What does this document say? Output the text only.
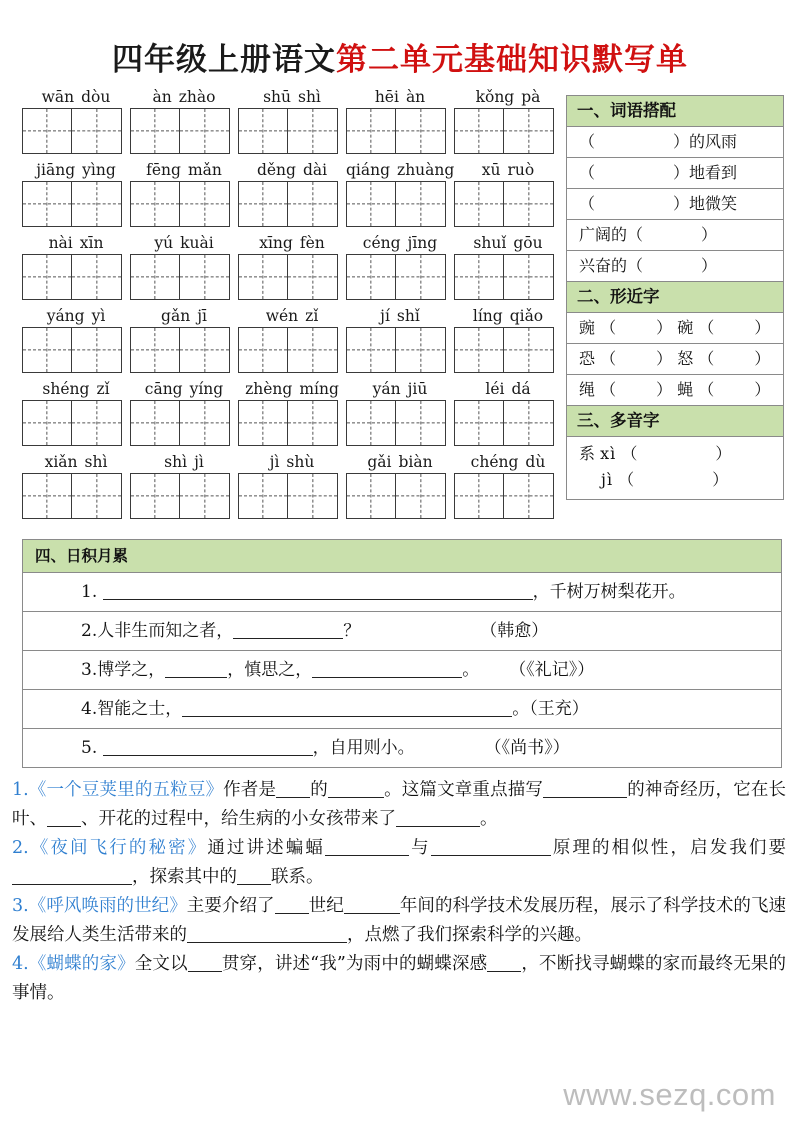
四年级上册语文第二单元基础知识默写单
wān dòu	àn zhào	shū shì	hēi àn	kǒng pà
jiāng yìng	fēng mǎn	děng dài	qiáng zhuàng	xū ruò
nài xīn	yú kuài	xīng fèn	céng jīng	shuǐ gōu
yáng yì	gǎn jī	wén zǐ	jí shǐ	líng qiǎo
shéng zǐ	cāng yíng	zhèng míng	yán jiū	léi dá
xiǎn shì	shì jì	jì shù	gǎi biàn	chéng dù
一、词语搭配
（	）的风雨
（	）地看到
（	）地微笑
广阔的（	）
兴奋的（	）
二、形近字
豌 （	） 碗 （	）
恐 （	） 怒 （	）
绳 （	） 蝇 （	）
三、多音字
系 xì （	）
jì （	）
四、日积月累
1.	，千树万树梨花开。
2.人非生而知之者，	？	（韩愈）
3.博学之，	，慎思之，	。 （《礼记》）
4.智能之士，	。（王充）
5.	，自用则小。	（《尚书》）
1.《一个豆荚里的五粒豆》作者是 的	。这篇文章重点描写	的神奇经历，它在长叶、 、开花的过程中，给生病的小女孩带来了	。
2.《夜间飞行的秘密》通过讲述蝙蝠	与	原理的相似性，启发我们要，探索其中的 联系。
3.《呼风唤雨的世纪》主要介绍了 世纪	年间的科学技术发展历程，展示了科学技术的飞速发展给人类生活带来的	，点燃了我们探索科学的兴趣。
4.《蝴蝶的家》全文以 贯穿，讲述“我”为雨中的蝴蝶深感 ，不断找寻蝴蝶的家而最终无果的事情。
www.sezq.com
